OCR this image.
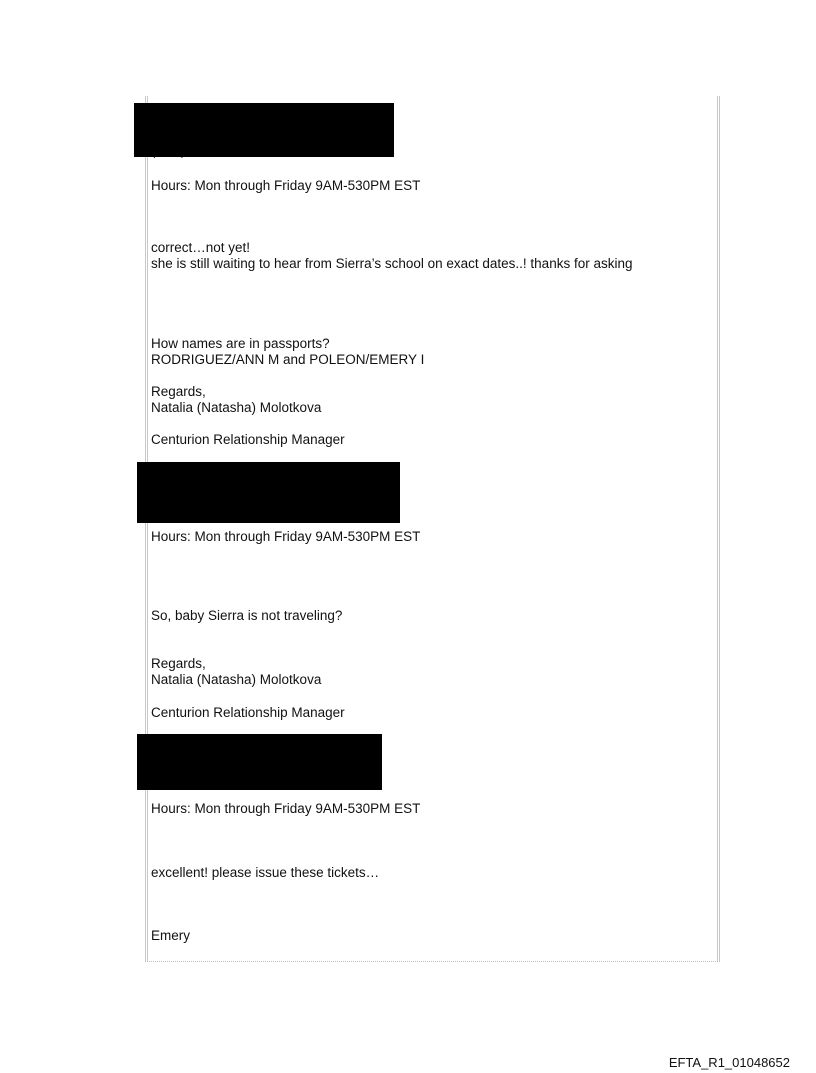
Hours: Mon through Friday 9AM-530PM EST
correct…not yet!
she is still waiting to hear from Sierra’s school on exact dates..! thanks for asking
How names are in passports?
RODRIGUEZ/ANN M and POLEON/EMERY I
Regards,
Natalia (Natasha) Molotkova
Centurion Relationship Manager
Hours: Mon through Friday 9AM-530PM EST
So, baby Sierra is not traveling?
Regards,
Natalia (Natasha) Molotkova
Centurion Relationship Manager
Hours: Mon through Friday 9AM-530PM EST
excellent! please issue these tickets…
Emery
EFTA_R1_01048652
